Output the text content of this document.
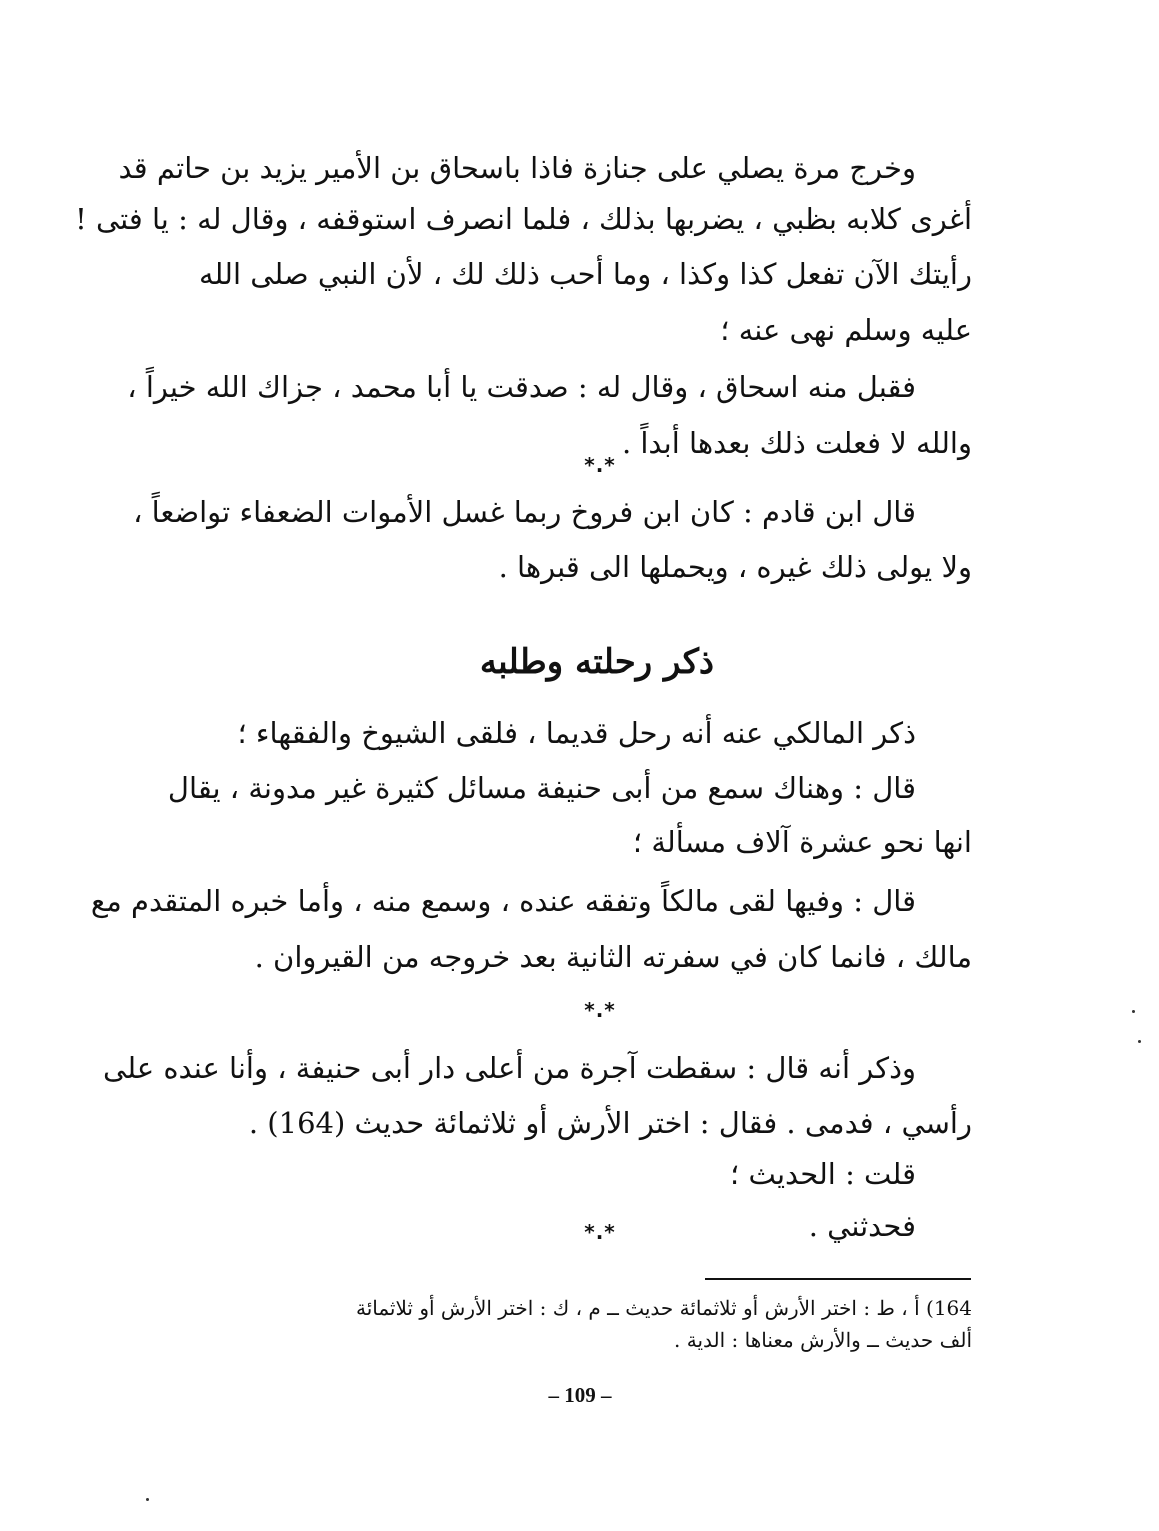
وخرج مرة يصلي على جنازة فاذا باسحاق بن الأمير يزيد بن حاتم قد
أغرى كلابه بظبي ، يضربها بذلك ، فلما انصرف استوقفه ، وقال له : يا فتى !
رأيتك الآن تفعل كذا وكذا ، وما أحب ذلك لك ، لأن النبي صلى الله
عليه وسلم نهى عنه ؛
فقبل منه اسحاق ، وقال له : صدقت يا أبا محمد ، جزاك الله خيراً ،
والله لا فعلت ذلك بعدها أبداً .
*.*
قال ابن قادم : كان ابن فروخ ربما غسل الأموات الضعفاء تواضعاً ،
ولا يولى ذلك غيره ، ويحملها الى قبرها .
ذكر رحلته وطلبه
ذكر المالكي عنه أنه رحل قديما ، فلقى الشيوخ والفقهاء ؛
قال : وهناك سمع من أبى حنيفة مسائل كثيرة غير مدونة ، يقال
انها نحو عشرة آلاف مسألة ؛
قال : وفيها لقى مالكاً وتفقه عنده ، وسمع منه ، وأما خبره المتقدم مع
مالك ، فانما كان في سفرته الثانية بعد خروجه من القيروان .
*.*
وذكر أنه قال : سقطت آجرة من أعلى دار أبى حنيفة ، وأنا عنده على
رأسي ، فدمى . فقال : اختر الأرش أو ثلاثمائة حديث (164) .
قلت : الحديث ؛
فحدثني .
*.*
164) أ ، ط : اختر الأرش أو ثلاثمائة حديث ــ م ، ك : اختر الأرش أو ثلاثمائة
ألف حديث ــ والأرش معناها : الدية .
– 109 –
